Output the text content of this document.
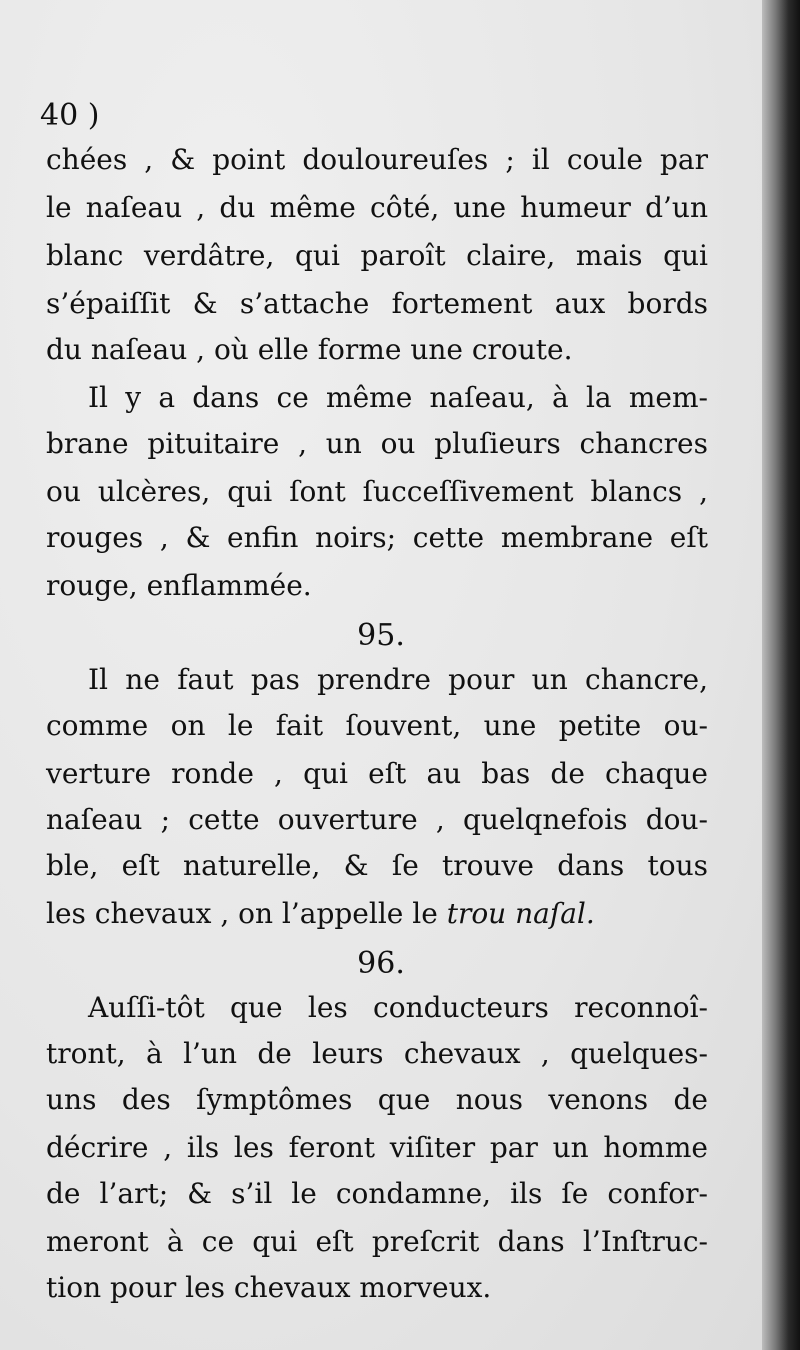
40 )
chées , & point douloureuſes ; il coule par
le naſeau , du même côté, une humeur d’un
blanc verdâtre, qui paroît claire, mais qui
s’épaiſſit & s’attache fortement aux bords
du naſeau , où elle forme une croute.
Il y a dans ce même naſeau, à la mem-
brane pituitaire , un ou pluſieurs chancres
ou ulcères, qui ſont ſucceſſivement blancs ,
rouges , & enfin noirs; cette membrane eſt
rouge, enflammée.
95.
Il ne faut pas prendre pour un chancre,
comme on le fait ſouvent, une petite ou-
verture ronde , qui eſt au bas de chaque
naſeau ; cette ouverture , quelqnefois dou-
ble, eſt naturelle, & ſe trouve dans tous
les chevaux , on l’appelle le trou naſal.
96.
Auſſi-tôt que les conducteurs reconnoî-
tront, à l’un de leurs chevaux , quelques-
uns des ſymptômes que nous venons de
décrire , ils les feront viſiter par un homme
de l’art; & s’il le condamne, ils ſe confor-
meront à ce qui eſt preſcrit dans l’Inſtruc-
tion pour les chevaux morveux.
